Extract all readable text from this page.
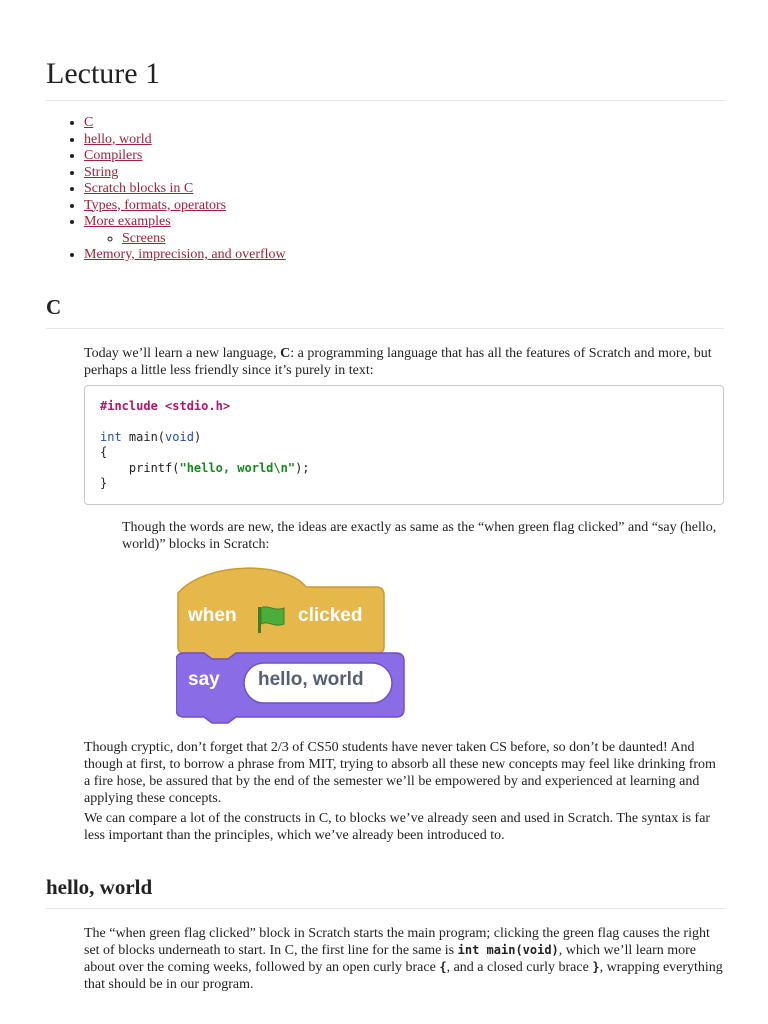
Lecture 1
• C
• hello, world
• Compilers
• String
• Scratch blocks in C
• Types, formats, operators
• More examples
◦ Screens
• Memory, imprecision, and overflow
C

Today we’ll learn a new language, C: a programming language that has all the features of Scratch and more, but perhaps a little less friendly since it’s purely in text:

#include <stdio.h>

int main(void)
{
printf("hello, world\n");
}

Though the words are new, the ideas are exactly as same as the “when green flag clicked” and “say (hello, world)” blocks in Scratch:

when	clicked
say hello, world

Though cryptic, don’t forget that 2/3 of CS50 students have never taken CS before, so don’t be daunted! And though at first, to borrow a phrase from MIT, trying to absorb all these new concepts may feel like drinking from a fire hose, be assured that by the end of the semester we’ll be empowered by and experienced at learning and applying these concepts.

We can compare a lot of the constructs in C, to blocks we’ve already seen and used in Scratch. The syntax is far less important than the principles, which we’ve already been introduced to.

hello, world

The “when green flag clicked” block in Scratch starts the main program; clicking the green flag causes the right set of blocks underneath to start. In C, the first line for the same is int main(void), which we’ll learn more about over the coming weeks, followed by an open curly brace {, and a closed curly brace }, wrapping everything that should be in our program.
